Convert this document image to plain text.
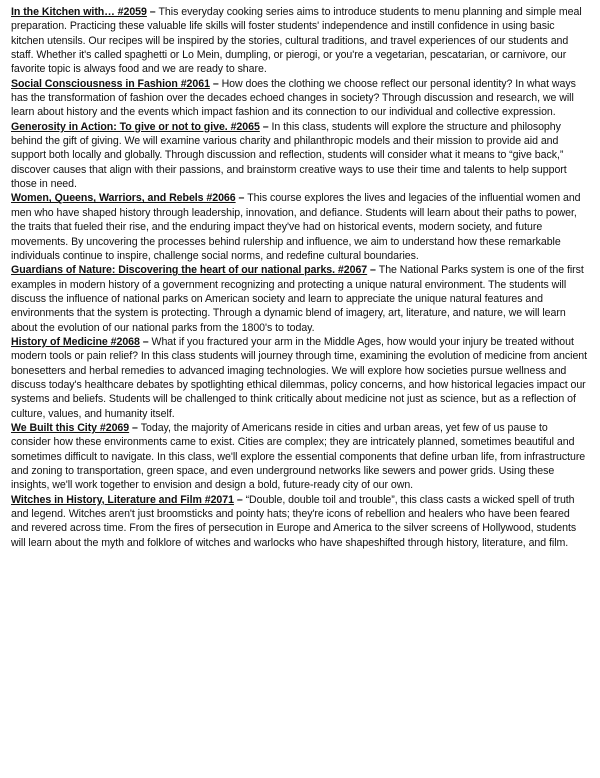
In the Kitchen with… #2059 – This everyday cooking series aims to introduce students to menu planning and simple meal preparation. Practicing these valuable life skills will foster students' independence and instill confidence in using basic kitchen utensils. Our recipes will be inspired by the stories, cultural traditions, and travel experiences of our students and staff. Whether it's called spaghetti or Lo Mein, dumpling, or pierogi, or you're a vegetarian, pescatarian, or carnivore, our favorite topic is always food and we are ready to share.

Social Consciousness in Fashion #2061 – How does the clothing we choose reflect our personal identity? In what ways has the transformation of fashion over the decades echoed changes in society? Through discussion and research, we will learn about history and the events which impact fashion and its connection to our individual and collective expression.

Generosity in Action: To give or not to give. #2065 – In this class, students will explore the structure and philosophy behind the gift of giving. We will examine various charity and philanthropic models and their mission to provide aid and support both locally and globally. Through discussion and reflection, students will consider what it means to “give back,” discover causes that align with their passions, and brainstorm creative ways to use their time and talents to help support those in need.

Women, Queens, Warriors, and Rebels #2066 – This course explores the lives and legacies of the influential women and men who have shaped history through leadership, innovation, and defiance. Students will learn about their paths to power, the traits that fueled their rise, and the enduring impact they've had on historical events, modern society, and future movements. By uncovering the processes behind rulership and influence, we aim to understand how these remarkable individuals continue to inspire, challenge social norms, and redefine cultural boundaries.

Guardians of Nature: Discovering the heart of our national parks. #2067 – The National Parks system is one of the first examples in modern history of a government recognizing and protecting a unique natural environment. The students will discuss the influence of national parks on American society and learn to appreciate the unique natural features and environments that the system is protecting. Through a dynamic blend of imagery, art, literature, and nature, we will learn about the evolution of our national parks from the 1800's to today.

History of Medicine #2068 – What if you fractured your arm in the Middle Ages, how would your injury be treated without modern tools or pain relief? In this class students will journey through time, examining the evolution of medicine from ancient bonesetters and herbal remedies to advanced imaging technologies. We will explore how societies pursue wellness and discuss today's healthcare debates by spotlighting ethical dilemmas, policy concerns, and how historical legacies impact our systems and beliefs. Students will be challenged to think critically about medicine not just as science, but as a reflection of culture, values, and humanity itself.

We Built this City #2069 – Today, the majority of Americans reside in cities and urban areas, yet few of us pause to consider how these environments came to exist. Cities are complex; they are intricately planned, sometimes beautiful and sometimes difficult to navigate. In this class, we'll explore the essential components that define urban life, from infrastructure and zoning to transportation, green space, and even underground networks like sewers and power grids. Using these insights, we'll work together to envision and design a bold, future-ready city of our own.

Witches in History, Literature and Film #2071 – “Double, double toil and trouble”, this class casts a wicked spell of truth and legend. Witches aren't just broomsticks and pointy hats; they're icons of rebellion and healers who have been feared and revered across time. From the fires of persecution in Europe and America to the silver screens of Hollywood, students will learn about the myth and folklore of witches and warlocks who have shapeshifted through history, literature, and film.
